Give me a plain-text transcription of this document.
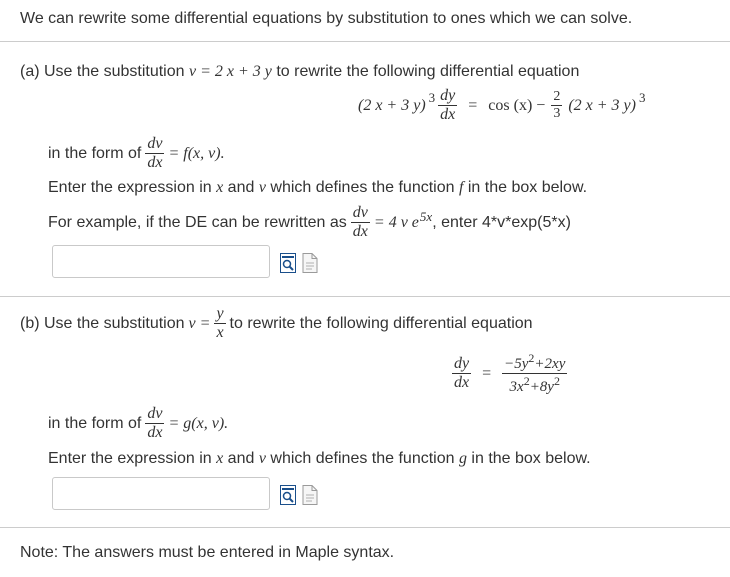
We can rewrite some differential equations by substitution to ones which we can solve.
(a) Use the substitution v = 2 x + 3 y to rewrite the following differential equation
(2 x + 3 $y)^3 \frac{dy}{dx} = \cos (x) - \frac{2}{3} (2$ x + 3 y)$^3$
in the form of $\frac{dv}{dx} = f(x$, v).
Enter the expression in x and v which defines the function f in the box below.
For example, if the DE can be rewritten as $\frac{dv}{dx} = 4$ v $e^{5x}$ , enter 4*v*exp(5*x)
(b) Use the substitution $v = \frac{y}{x}$ to rewrite the following differential equation
$\frac{dy}{dx} = \frac{-5y^2+2xy}{3x^2+8y^2}$
in the form of $\frac{dv}{dx} = g(x$, v).
Enter the expression in x and v which defines the function g in the box below.
Note: The answers must be entered in Maple syntax.
